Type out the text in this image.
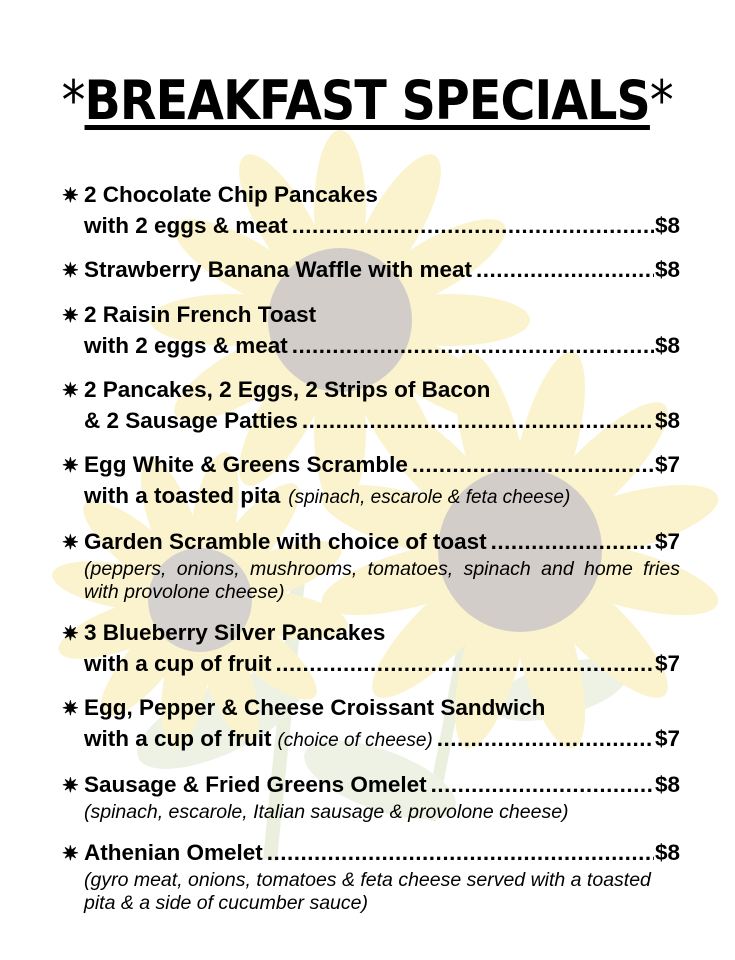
*BREAKFAST SPECIALS*
✷ 2 Chocolate Chip Pancakes
with 2 eggs & meat .....	$8
✷ Strawberry Banana Waffle with meat .....	$8
✷ 2 Raisin French Toast
with 2 eggs & meat .....	$8
✷ 2 Pancakes, 2 Eggs, 2 Strips of Bacon
& 2 Sausage Patties .....	$8
✷ Egg White & Greens Scramble .....	$7
with a toasted pita (spinach, escarole & feta cheese)
✷ Garden Scramble with choice of toast .....	$7
(peppers, onions, mushrooms, tomatoes, spinach and home fries with provolone cheese)
✷ 3 Blueberry Silver Pancakes
with a cup of fruit .....	$7
✷ Egg, Pepper & Cheese Croissant Sandwich
with a cup of fruit (choice of cheese) .....	$7
✷ Sausage & Fried Greens Omelet .....	$8
(spinach, escarole, Italian sausage & provolone cheese)
✷ Athenian Omelet .....	$8
(gyro meat, onions, tomatoes & feta cheese served with a toasted pita & a side of cucumber sauce)
